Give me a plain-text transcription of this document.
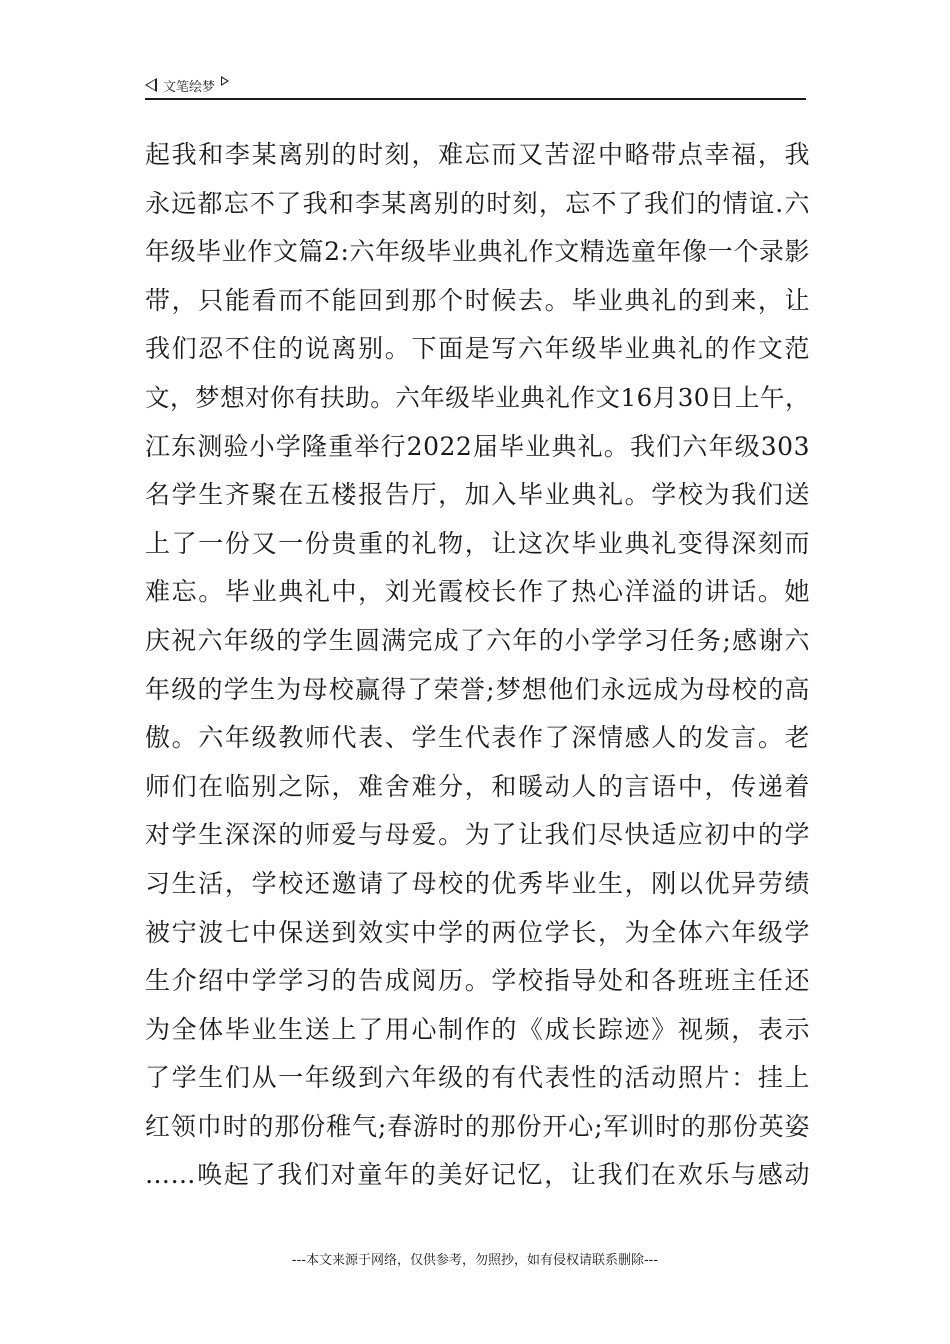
文笔绘梦
起我和李某离别的时刻，难忘而又苦涩中略带点幸福，我
永远都忘不了我和李某离别的时刻，忘不了我们的情谊.六
年级毕业作文篇2:六年级毕业典礼作文精选童年像一个录影
带，只能看而不能回到那个时候去。毕业典礼的到来，让
我们忍不住的说离别。下面是写六年级毕业典礼的作文范
文，梦想对你有扶助。六年级毕业典礼作文16月30日上午，
江东测验小学隆重举行2022届毕业典礼。我们六年级303
名学生齐聚在五楼报告厅，加入毕业典礼。学校为我们送
上了一份又一份贵重的礼物，让这次毕业典礼变得深刻而
难忘。毕业典礼中，刘光霞校长作了热心洋溢的讲话。她
庆祝六年级的学生圆满完成了六年的小学学习任务;感谢六
年级的学生为母校赢得了荣誉;梦想他们永远成为母校的高
傲。六年级教师代表、学生代表作了深情感人的发言。老
师们在临别之际，难舍难分，和暖动人的言语中，传递着
对学生深深的师爱与母爱。为了让我们尽快适应初中的学
习生活，学校还邀请了母校的优秀毕业生，刚以优异劳绩
被宁波七中保送到效实中学的两位学长，为全体六年级学
生介绍中学学习的告成阅历。学校指导处和各班班主任还
为全体毕业生送上了用心制作的《成长踪迹》视频，表示
了学生们从一年级到六年级的有代表性的活动照片：挂上
红领巾时的那份稚气;春游时的那份开心;军训时的那份英姿
……唤起了我们对童年的美好记忆，让我们在欢乐与感动
---本文来源于网络，仅供参考，勿照抄，如有侵权请联系删除---
